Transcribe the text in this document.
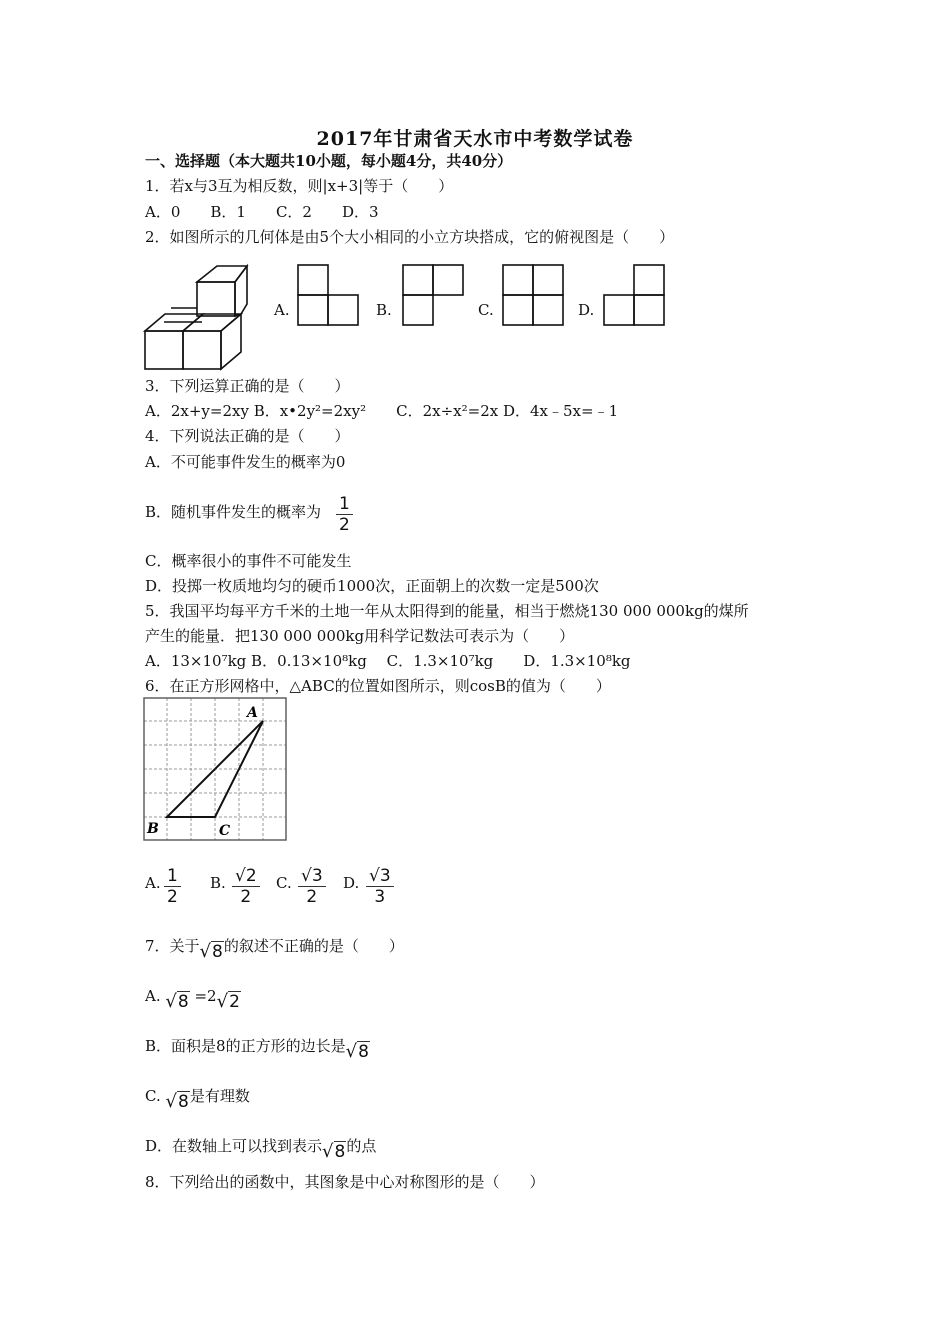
2017年甘肃省天水市中考数学试卷
一、选择题（本大题共10小题，每小题4分，共40分）
1．若x与3互为相反数，则|x+3|等于（　　）
A．0　　B．1　　C．2　　D．3
2．如图所示的几何体是由5个大小相同的小立方块搭成，它的俯视图是（　　）
A.	B.	C.	D.
3．下列运算正确的是（　　）
A．2x+y=2xy B．x•2y²=2xy²　　C．2x÷x²=2x D．4x﹣5x=﹣1
4．下列说法正确的是（　　）
A．不可能事件发生的概率为0
B．随机事件发生的概率为 $\frac{1}{2}$
C．概率很小的事件不可能发生
D．投掷一枚质地均匀的硬币1000次，正面朝上的次数一定是500次
5．我国平均每平方千米的土地一年从太阳得到的能量，相当于燃烧130 000 000kg的煤所
产生的能量．把130 000 000kg用科学记数法可表示为（　　）
A．13×10⁷kg B．0.13×10⁸kg　 C．1.3×10⁷kg　　D．1.3×10⁸kg
6．在正方形网格中，△ABC的位置如图所示，则cosB的值为（　　）
A
B	C
A. $\frac{1}{2} B$. $\frac{√2}{2} C$. $\frac{√3}{2} D$. $\frac{√3}{3}$
7．关于√8的叙述不正确的是（　　）
A. √8 =2√2
B．面积是8的正方形的边长是√8
C. √8是有理数
D．在数轴上可以找到表示√8的点
8．下列给出的函数中，其图象是中心对称图形的是（　　）
